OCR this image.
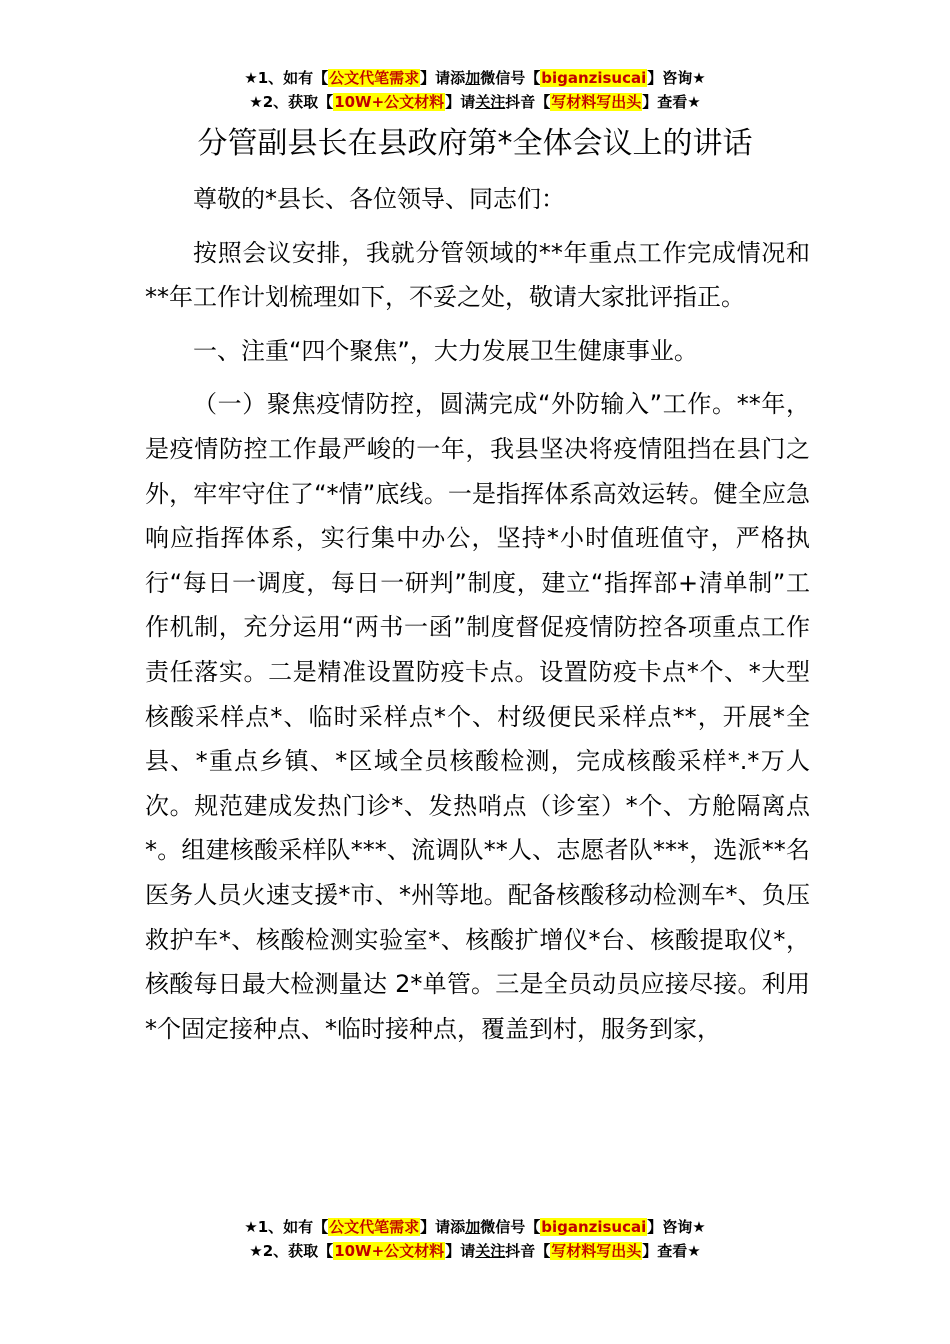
★1、如有【公文代笔需求】请添加微信号【biganzisucai】咨询★
★2、获取【10W+公文材料】请关注抖音【写材料写出头】查看★
分管副县长在县政府第*全体会议上的讲话

尊敬的*县长、各位领导、同志们：

按照会议安排，我就分管领域的**年重点工作完成情况和**年工作计划梳理如下，不妥之处，敬请大家批评指正。

一、注重“四个聚焦”，大力发展卫生健康事业。

（一）聚焦疫情防控，圆满完成“外防输入”工作。**年，是疫情防控工作最严峻的一年，我县坚决将疫情阻挡在县门之外，牢牢守住了“*情”底线。一是指挥体系高效运转。健全应急响应指挥体系，实行集中办公，坚持*小时值班值守，严格执行“每日一调度，每日一研判”制度，建立“指挥部+清单制”工作机制，充分运用“两书一函”制度督促疫情防控各项重点工作责任落实。二是精准设置防疫卡点。设置防疫卡点*个、*大型核酸采样点*、临时采样点*个、村级便民采样点**，开展*全县、*重点乡镇、*区域全员核酸检测，完成核酸采样*.*万人次。规范建成发热门诊*、发热哨点（诊室）*个、方舱隔离点*。组建核酸采样队***、流调队**人、志愿者队***，选派**名医务人员火速支援*市、*州等地。配备核酸移动检测车*、负压救护车*、核酸检测实验室*、核酸扩增仪*台、核酸提取仪*，核酸每日最大检测量达 2*单管。三是全员动员应接尽接。利用*个固定接种点、*临时接种点，覆盖到村，服务到家，

★1、如有【公文代笔需求】请添加微信号【biganzisucai】咨询★
★2、获取【10W+公文材料】请关注抖音【写材料写出头】查看★
